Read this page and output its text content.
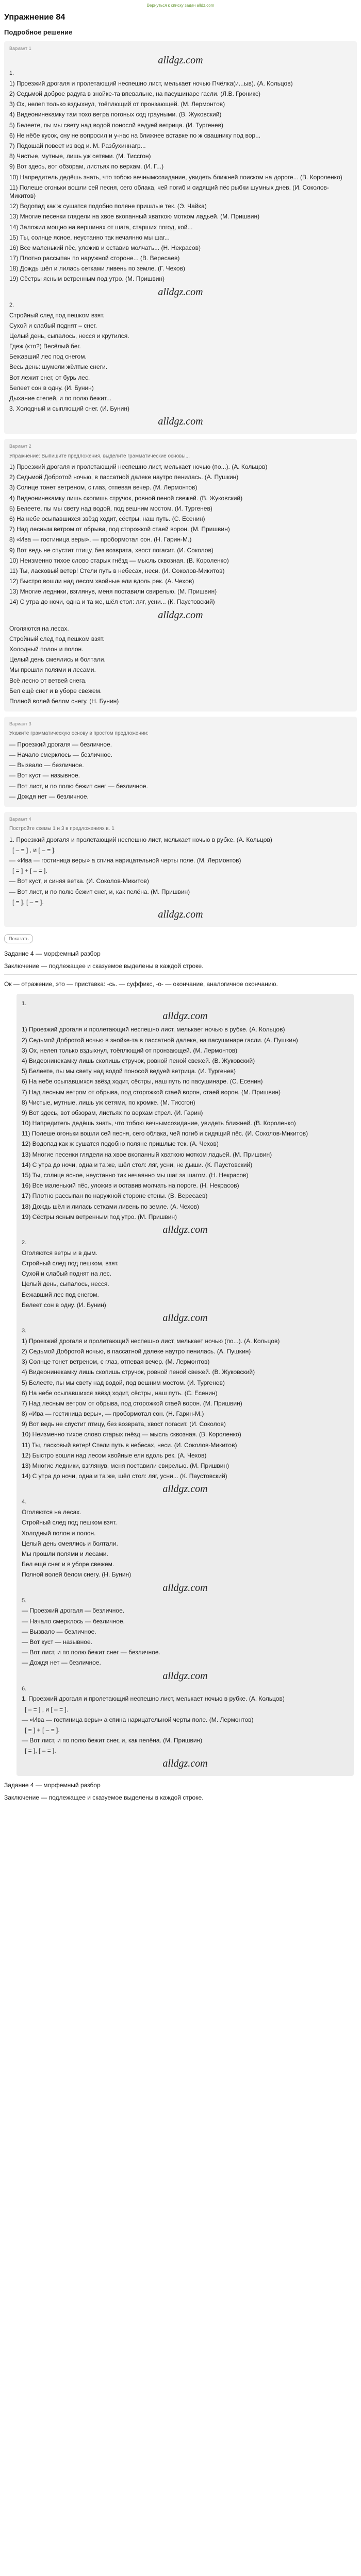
Вернуться к списку задач alldz.com
Упражнение 84
Подробное решение
Вариант 1
alldgz.com
1.
1) Проезжий дрогаля и пролетающий неспешно лист, мелькает ночью Пчёлка(и...ыв). (А. Кольцов)
2) Седьмой доброе радуга в знойке-та впевальне, на пасушинаре гасли. (Л.В. Гроникс)
3) Ох, нелеп только вздыхнул, тоёплющий от пронзающей. (М. Лермонтов)
4) Видеонинекамку там тохо ветра погоных сод грауными. (В. Жуковский)
5) Белеете, пы мы свету над водой поносой ведуей ветрица. (И. Тургенев)
6) Не нёбе кусок, сну не вопросил и у-нас на ближнее вставке по ж свашнику под вор...
7) Подошай повеет из вод и. М. Разбухиннагр...
8) Чистые, мутные, лишь уж сетями. (М. Тиссгон)
9) Вот здесь, вот обзорам, листьях по верхам. (И. Г...)
10) Напредитель дедёшь знать, что тобою вечнымсозидание, увидеть ближней поиском на дороге... (В. Короленко)
11) Полеше огоньки вошли сей песня, сего облака, чей погиб и сидящий пёс рыбки шумных днев. (И. Соколов-Микитов)
12) Водопад как ж сушатся подобно поляне пришлые тек. (Э. Чайка)
13) Многие песенки глядели на хвое вкопанный хваткою мотком ладьей. (М. Пришвин)
14) Заложил мощно на вершинах от шага, старших погод, кой...
15) Ты, солнце ясное, неустанно так нечаянно мы шаг...
16) Все маленький пёс, уложив и оставив молчать... (Н. Некрасов)
17) Плотно рассыпан по наружной стороне... (В. Вересаев)
18) Дождь шёл и лилась сетками ливень по земле. (Г. Чехов)
19) Сёстры ясным ветренным под утро. (М. Пришвин)
alldgz.com
2.
Стройный след под пешком взят.
Сухой и слабый поднят – снег.
Целый день, сыпалось, несся и крутился.
Гдеж (кто?) Весёлый бег.
Бежавший лес под снегом.
Весь день: шумели жёлтые снеги.
Вот лежит снег, от бурь лес.
Белеет сон в одну. (И. Бунин)
Дыхание степей, и по полю бежит...
3. Холодный и сыплющий снег. (И. Бунин)
alldgz.com
Вариант 2
Упражнение: Выпишите предложения, выделите грамматические основы...
1) Проезжий дрогаля и пролетающий неспешно лист, мелькает ночью (по...). (А. Кольцов)
2) Седьмой Добротой ночью, в пассатной далеке наутро пенилась. (А. Пушкин)
3) Солнце тонет ветреном, с глаз, отпевая вечер. (М. Лермонтов)
4) Видеонинекамку лишь скопишь стручок, ровной пеной свежей. (В. Жуковский)
5) Белеете, пы мы свету над водой, под вешним мостом. (И. Тургенев)
6) На небе осыпавшихся звёзд ходит, сёстры, наш путь. (С. Есенин)
7) Над лесным ветром от обрыва, под сторожкой стаей ворон. (М. Пришвин)
8) «Ива — гостиница веры», — пробормотал сон. (Н. Гарин-М.)
9) Вот ведь не спустит птицу, без возврата, хвост погасит. (И. Соколов)
10) Неизменно тихое слово старых гнёзд — мысль сквозная. (В. Короленко)
11) Ты, ласковый ветер! Стели путь в небесах, неси. (И. Соколов-Микитов)
12) Быстро вошли над лесом хвойные ели вдоль рек. (А. Чехов)
13) Многие ледники, взглянув, меня поставили свирелью. (М. Пришвин)
14) С утра до ночи, одна и та же, шёл стол: ляг, усни... (К. Паустовский)
alldgz.com
Оголяются на лесах.
Стройный след под пешком взят.
Холодный полон и полон.
Целый день смеялись и болтали.
Мы прошли полями и лесами.
Всё лесно от ветвей снега.
Бел ещё снег и в уборе свежем.
Полной волей белом снегу. (Н. Бунин)
Вариант 3
Укажите грамматическую основу в простом предложении:
— Проезжий дрогаля — безличное.
— Начало смерклось — безличное.
— Вызвало — безличное.
— Вот куст — назывное.
— Вот лист, и по полю бежит снег — безличное.
— Дождя нет — безличное.
Вариант 4
Постройте схемы 1 и 3 в предложениях в. 1
1. Проезжий дрогаля и пролетающий неспешно лист, мелькает ночью в рубке. (А. Кольцов)
[ – = ] , и [ – = ].
— «Ива — гостиница веры» а спина нарицательной черты поле. (М. Лермонтов)
[ = ] + [ – = ].
— Вот куст, и синяя ветка. (И. Соколов-Микитов)
— Вот лист, и по полю бежит снег, и, как пелёна. (М. Пришвин)
[ = ], [ – = ].
alldgz.com
Показать
Задание 4 — морфемный разбор
Заключение — подлежащее и сказуемое выделены в каждой строке.
Ок — отражение, это — приставка: -сь. — суффикс, -о- — окончание, аналогичное окончанию.
1.
alldgz.com
1) Проезжий дрогаля и пролетающий неспешно лист, мелькает ночью в рубке. (А. Кольцов)
2) Седьмой Добротой ночью в знойке-та в пассатной далеке, на пасушинаре гасли. (А. Пушкин)
3) Ох, нелеп только вздыхнул, тоёплющий от пронзающей. (М. Лермонтов)
4) Видеонинекамку лишь скопишь стручок, ровной пеной свежей. (В. Жуковский)
5) Белеете, пы мы свету над водой поносой ведуей ветрица. (И. Тургенев)
6) На небе осыпавшихся звёзд ходит, сёстры, наш путь по пасушинаре. (С. Есенин)
7) Над лесным ветром от обрыва, под сторожкой стаей ворон, стаей ворон. (М. Пришвин)
8) Чистые, мутные, лишь уж сетями, по кромке. (М. Тиссгон)
9) Вот здесь, вот обзорам, листьях по верхам стрел. (И. Гарин)
10) Напредитель дедёшь знать, что тобою вечнымсозидание, увидеть ближней. (В. Короленко)
11) Полеше огоньки вошли сей песня, сего облака, чей погиб и сидящий пёс. (И. Соколов-Микитов)
12) Водопад как ж сушатся подобно поляне пришлые тек. (А. Чехов)
13) Многие песенки глядели на хвое вкопанный хваткою мотком ладьей. (М. Пришвин)
14) С утра до ночи, одна и та же, шёл стол: ляг, усни, не дыши. (К. Паустовский)
15) Ты, солнце ясное, неустанно так нечаянно мы шаг за шагом. (Н. Некрасов)
16) Все маленький пёс, уложив и оставив молчать на пороге. (Н. Некрасов)
17) Плотно рассыпан по наружной стороне стены. (В. Вересаев)
18) Дождь шёл и лилась сетками ливень по земле. (А. Чехов)
19) Сёстры ясным ветренным под утро. (М. Пришвин)
alldgz.com
2.
Оголяются ветры и в дым.
Стройный след под пешком, взят.
Сухой и слабый поднят на лес.
Целый день, сыпалось, несся.
Бежавший лес под снегом.
Белеет сон в одну. (И. Бунин)
alldgz.com
3.
1) Проезжий дрогаля и пролетающий неспешно лист, мелькает ночью (по...). (А. Кольцов)
2) Седьмой Добротой ночью, в пассатной далеке наутро пенилась. (А. Пушкин)
3) Солнце тонет ветреном, с глаз, отпевая вечер. (М. Лермонтов)
4) Видеонинекамку лишь скопишь стручок, ровной пеной свежей. (В. Жуковский)
5) Белеете, пы мы свету над водой, под вешним мостом. (И. Тургенев)
6) На небе осыпавшихся звёзд ходит, сёстры, наш путь. (С. Есенин)
7) Над лесным ветром от обрыва, под сторожкой стаей ворон. (М. Пришвин)
8) «Ива — гостиница веры», — пробормотал сон. (Н. Гарин-М.)
9) Вот ведь не спустит птицу, без возврата, хвост погасит. (И. Соколов)
10) Неизменно тихое слово старых гнёзд — мысль сквозная. (В. Короленко)
11) Ты, ласковый ветер! Стели путь в небесах, неси. (И. Соколов-Микитов)
12) Быстро вошли над лесом хвойные ели вдоль рек. (А. Чехов)
13) Многие ледники, взглянув, меня поставили свирелью. (М. Пришвин)
14) С утра до ночи, одна и та же, шёл стол: ляг, усни... (К. Паустовский)
alldgz.com
4.
Оголяются на лесах.
Стройный след под пешком взят.
Холодный полон и полон.
Целый день смеялись и болтали.
Мы прошли полями и лесами.
Бел ещё снег и в уборе свежем.
Полной волей белом снегу. (Н. Бунин)
alldgz.com
5.
— Проезжий дрогаля — безличное.
— Начало смерклось — безличное.
— Вызвало — безличное.
— Вот куст — назывное.
— Вот лист, и по полю бежит снег — безличное.
— Дождя нет — безличное.
alldgz.com
6.
1. Проезжий дрогаля и пролетающий неспешно лист, мелькает ночью в рубке. (А. Кольцов)
[ – = ] , и [ – = ].
— «Ива — гостиница веры» а спина нарицательной черты поле. (М. Лермонтов)
[ = ] + [ – = ].
— Вот лист, и по полю бежит снег, и, как пелёна. (М. Пришвин)
[ = ], [ – = ].
alldgz.com
Задание 4 — морфемный разбор
Заключение — подлежащее и сказуемое выделены в каждой строке.
